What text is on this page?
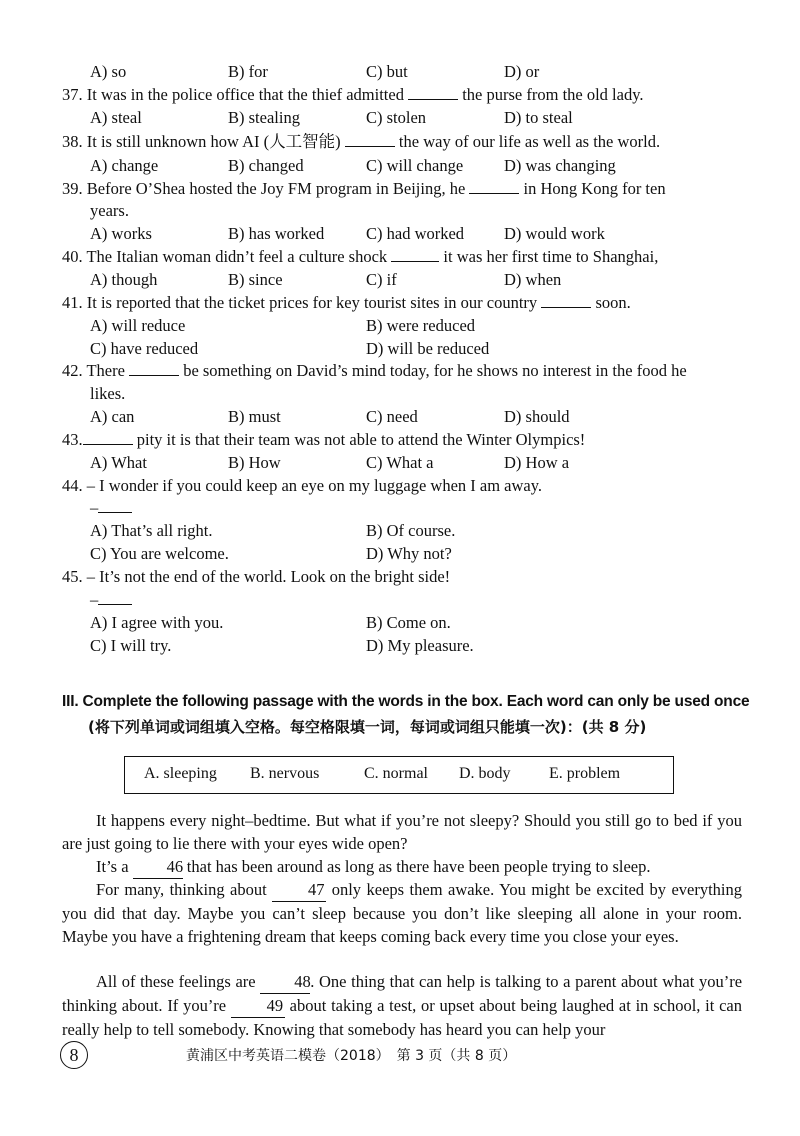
A) so	B) for	C) but	D) or
37. It was in the police office that the thief admitted	the purse from the old lady.
A) steal	B) stealing	C) stolen	D) to steal
38. It is still unknown how AI (人工智能)	the way of our life as well as the world.
A) change	B) changed	C) will change D) was changing
39. Before O’Shea hosted the Joy FM program in Beijing, he	in Hong Kong for ten
years.
A) works	B) has worked	C) had worked D) would work
40. The Italian woman didn’t feel a culture shock	it was her first time to Shanghai,
A) though	B) since	C) if	D) when
41. It is reported that the ticket prices for key tourist sites in our country	soon.
A) will reduce	B) were reduced
C) have reduced	D) will be reduced
42. There	be something on David’s mind today, for he shows no interest in the food he
likes.
A) can	B) must	C) need	D) should
43.	pity it is that their team was not able to attend the Winter Olympics!
A) What	B) How	C) What a	D) How a
44. – I wonder if you could keep an eye on my luggage when I am away.
–
A) That’s all right.	B) Of course.
C) You are welcome.	D) Why not?
45. – It’s not the end of the world. Look on the bright side!
–
A) I agree with you.	B) Come on.
C) I will try.	D) My pleasure.
III. Complete the following passage with the words in the box. Each word can only be used once
(将下列单词或词组填入空格。每空格限填一词，每词或词组只能填一次)：(共 8 分)
A. sleeping B. nervous	C. normal D. body E. problem
It happens every night–bedtime. But what if you’re not sleepy? Should you still go to bed if you are just going to lie there with your eyes wide open?
It’s a 46 that has been around as long as there have been people trying to sleep.
For many, thinking about 47 only keeps them awake. You might be excited by everything you did that day. Maybe you can’t sleep because you don’t like sleeping all alone in your room. Maybe you have a frightening dream that keeps coming back every time you close your eyes.
All of these feelings are 48. One thing that can help is talking to a parent about what you’re thinking about. If you’re 49 about taking a test, or upset about being laughed at in school, it can really help to tell somebody. Knowing that somebody has heard you can help your
8	黄浦区中考英语二模卷（2018）　第 3 页（共 8 页）
